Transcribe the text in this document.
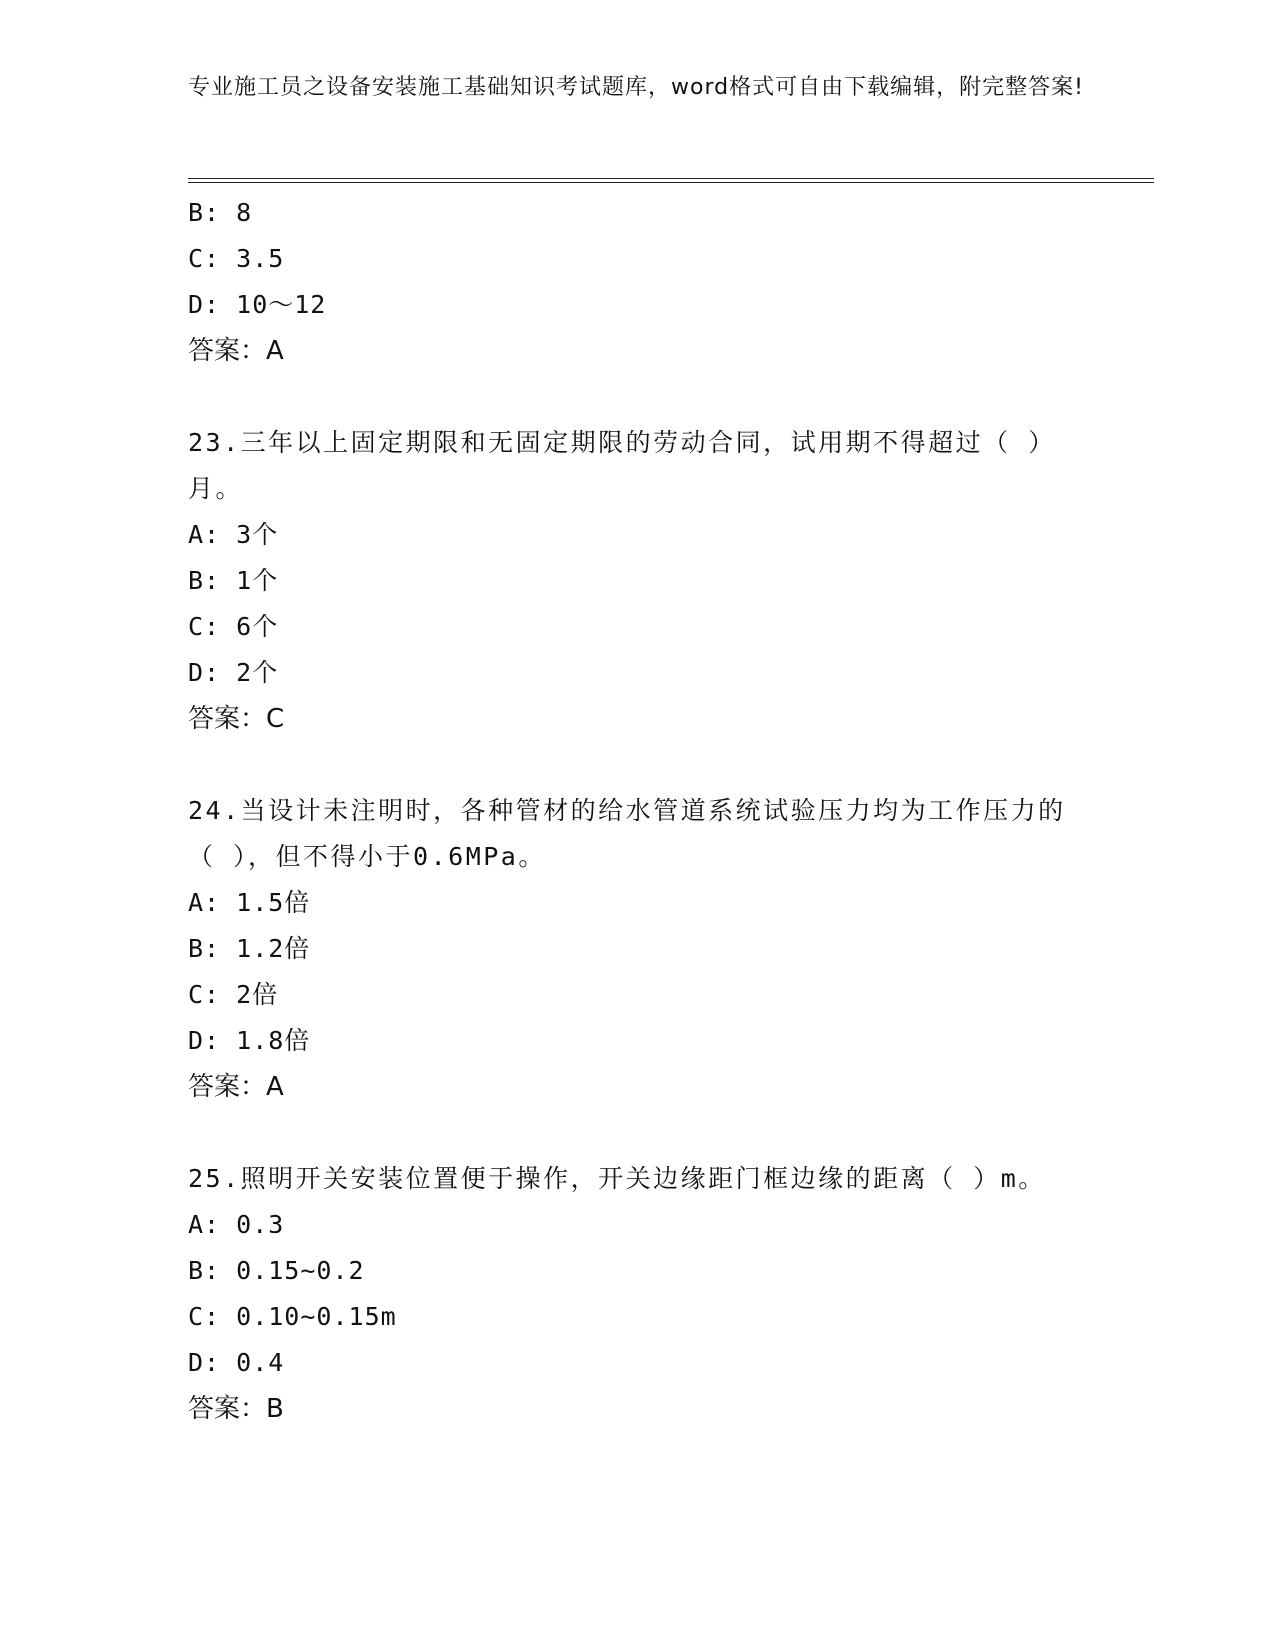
专业施工员之设备安装施工基础知识考试题库，word格式可自由下载编辑，附完整答案!
B: 8
C: 3.5
D: 10～12
答案：A
23.三年以上固定期限和无固定期限的劳动合同，试用期不得超过（ ）月。
A: 3个
B: 1个
C: 6个
D: 2个
答案：C
24.当设计未注明时，各种管材的给水管道系统试验压力均为工作压力的（ ），但不得小于0.6MPa。
A: 1.5倍
B: 1.2倍
C: 2倍
D: 1.8倍
答案：A
25.照明开关安装位置便于操作，开关边缘距门框边缘的距离（ ）m。
A: 0.3
B: 0.15~0.2
C: 0.10~0.15m
D: 0.4
答案：B
